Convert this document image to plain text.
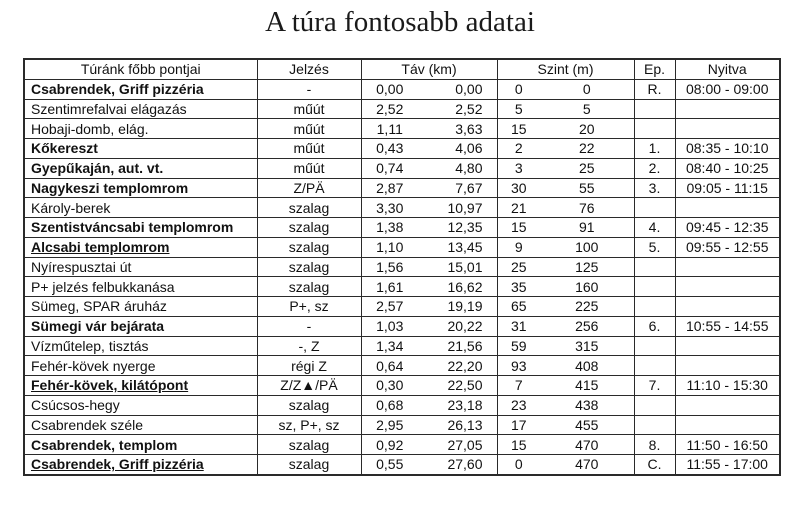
A túra fontosabb adatai
Túránk főbb pontjai	Jelzés	Táv (km)		Szint (m)		Ep.	Nyitva
Csabrendek, Griff pizzéria	-	0,00	0,00	0	0	R.	08:00 - 09:00
Szentimrefalvai elágazás	műút	2,52	2,52	5	5		
Hobaji-domb, elág.	műút	1,11	3,63	15	20		
Kőkereszt	műút	0,43	4,06	2	22	1.	08:35 - 10:10
Gyepűkaján, aut. vt.	műút	0,74	4,80	3	25	2.	08:40 - 10:25
Nagykeszi templomrom	Z/PÄ	2,87	7,67	30	55	3.	09:05 - 11:15
Károly-berek	szalag	3,30	10,97	21	76		
Szentistváncsabi templomrom	szalag	1,38	12,35	15	91	4.	09:45 - 12:35
Alcsabi templomrom	szalag	1,10	13,45	9	100	5.	09:55 - 12:55
Nyírespusztai út	szalag	1,56	15,01	25	125		
P+ jelzés felbukkanása	szalag	1,61	16,62	35	160		
Sümeg, SPAR áruház	P+, sz	2,57	19,19	65	225		
Sümegi vár bejárata	-	1,03	20,22	31	256	6.	10:55 - 14:55
Vízműtelep, tisztás	-, Z	1,34	21,56	59	315		
Fehér-kövek nyerge	régi Z	0,64	22,20	93	408		
Fehér-kövek, kilátópont	Z/Z▲/PÄ	0,30	22,50	7	415	7.	11:10 - 15:30
Csúcsos-hegy	szalag	0,68	23,18	23	438		
Csabrendek széle	sz, P+, sz	2,95	26,13	17	455		
Csabrendek, templom	szalag	0,92	27,05	15	470	8.	11:50 - 16:50
Csabrendek, Griff pizzéria	szalag	0,55	27,60	0	470	C.	11:55 - 17:00
